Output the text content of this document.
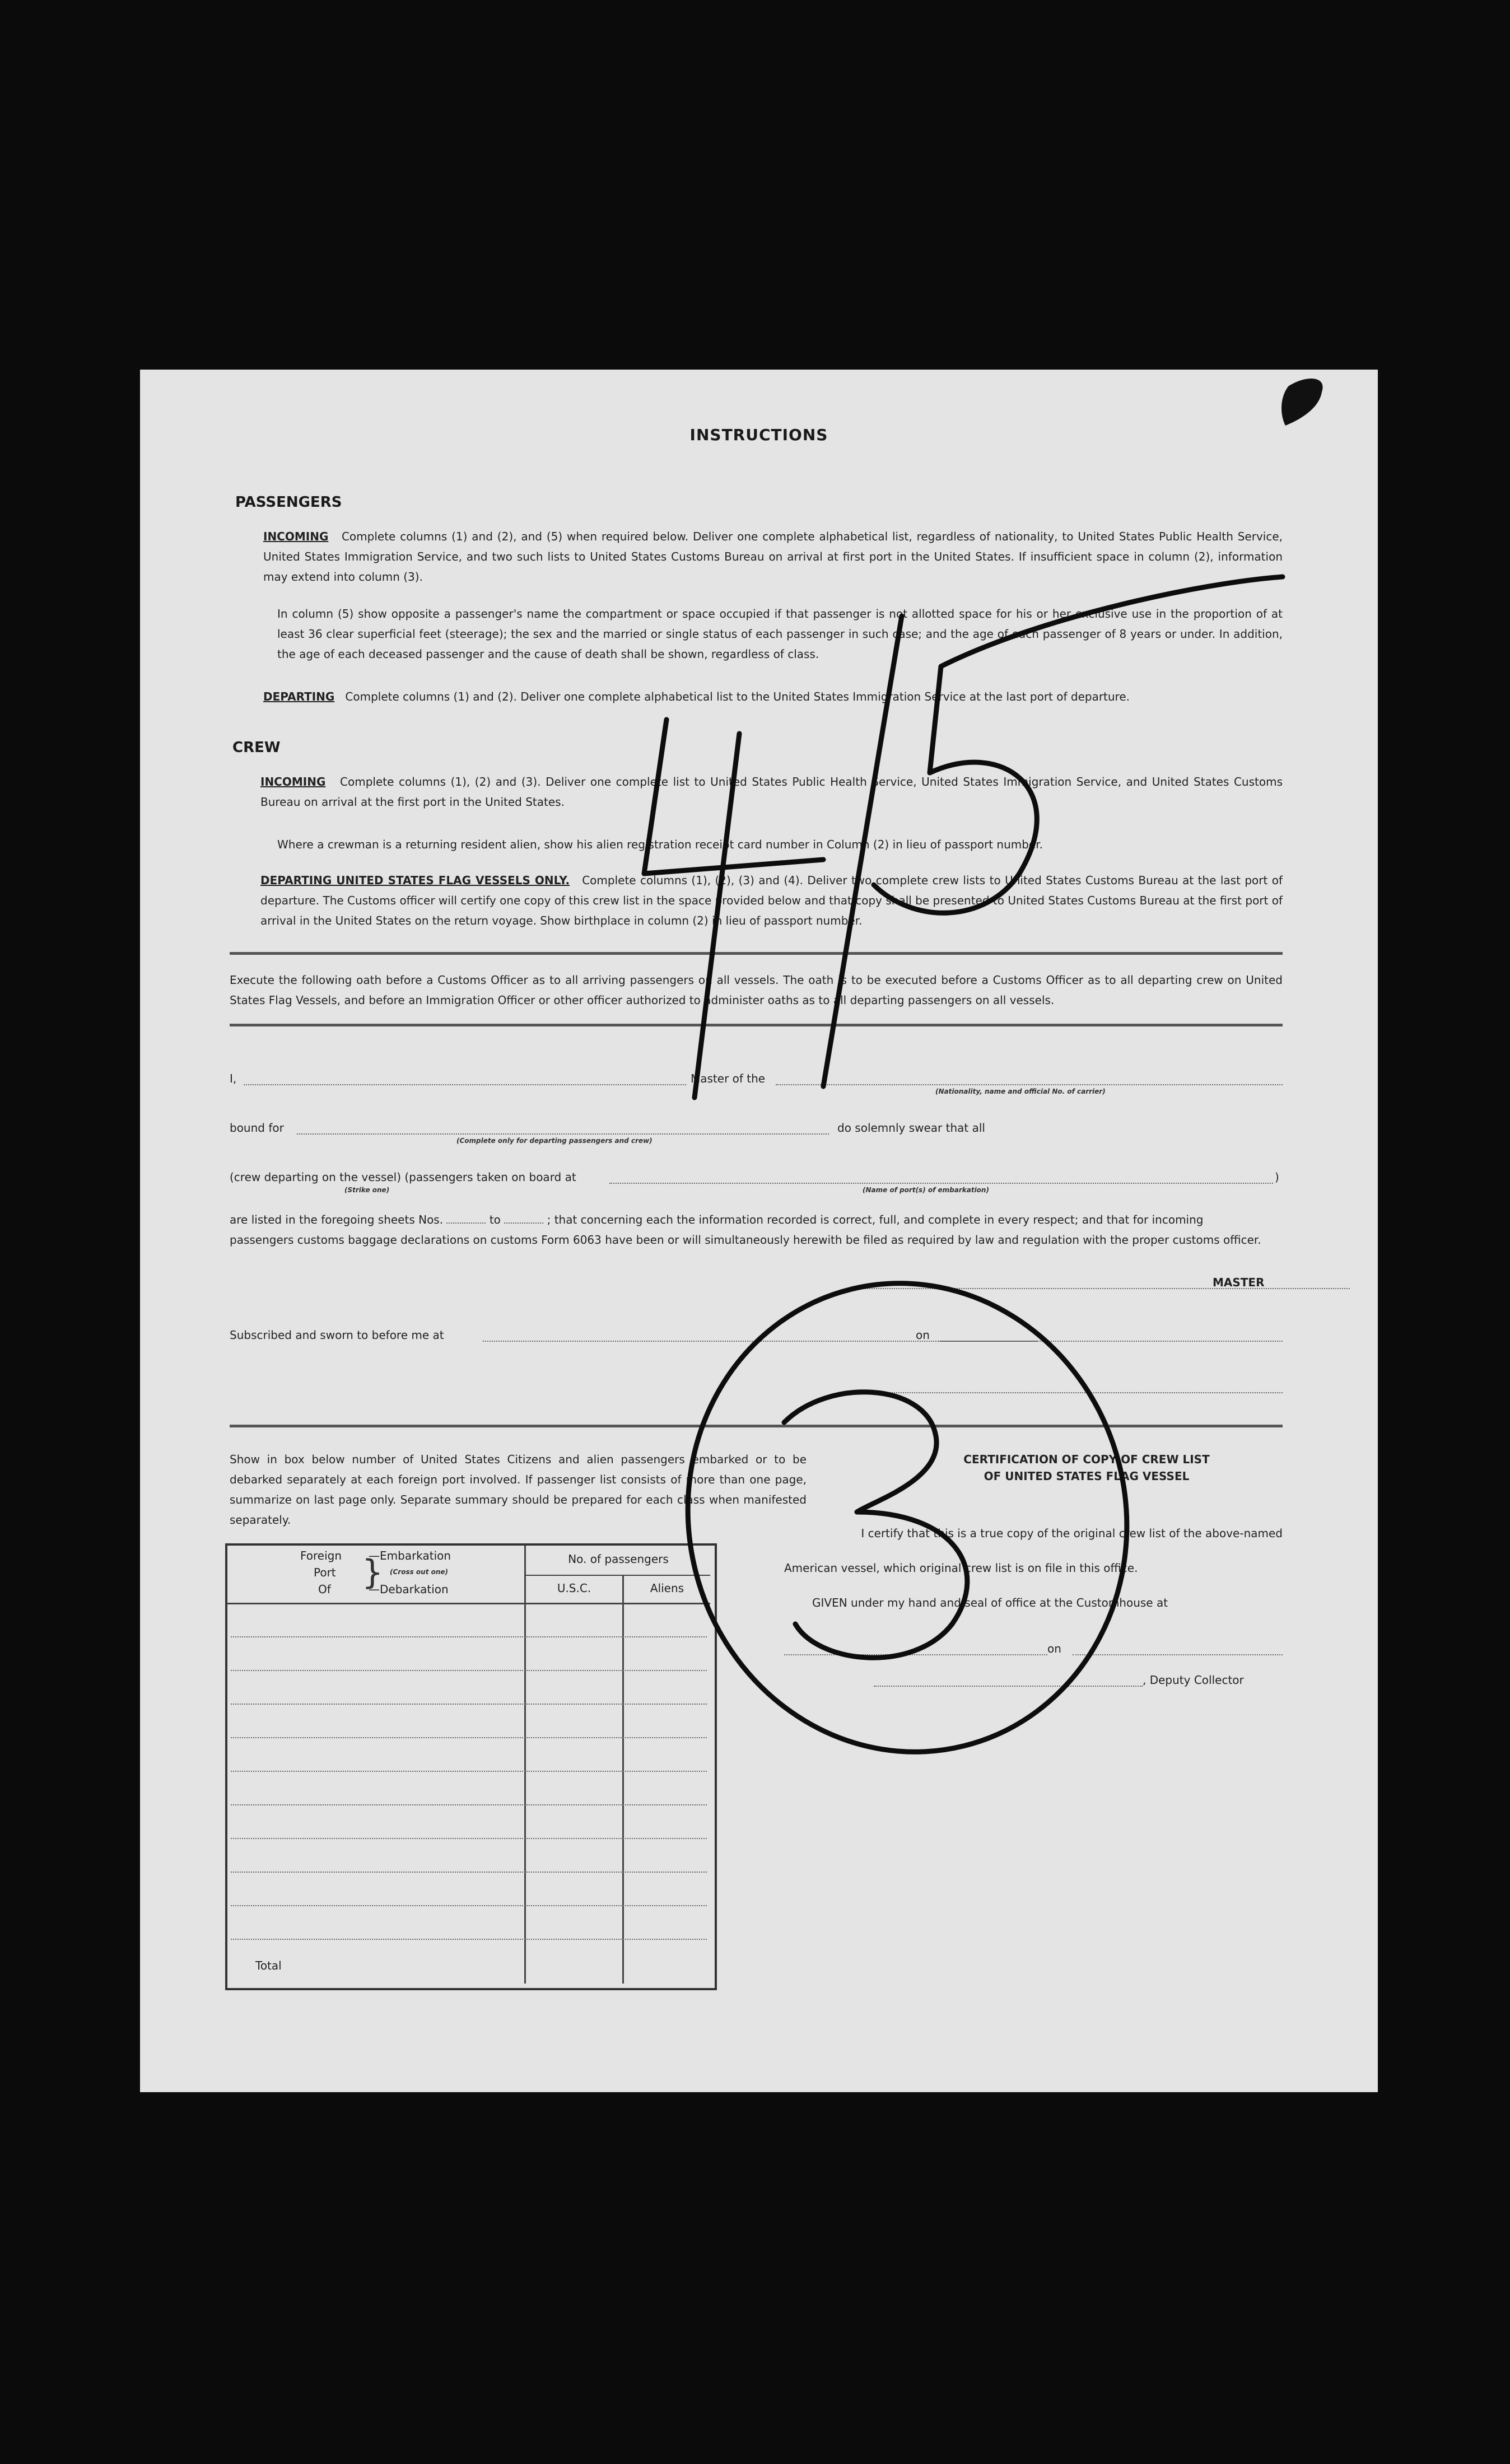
INSTRUCTIONS
PASSENGERS
INCOMING Complete columns (1) and (2), and (5) when required below. Deliver one complete alphabetical list, regardless of nationality, to United States Public Health Service, United States Immigration Service, and two such lists to United States Customs Bureau on arrival at first port in the United States. If insufficient space in column (2), information may extend into column (3).
In column (5) show opposite a passenger's name the compartment or space occupied if that passenger is not allotted space for his or her exclusive use in the proportion of at least 36 clear superficial feet (steerage); the sex and the married or single status of each passenger in such case; and the age of each passenger of 8 years or under. In addition, the age of each deceased passenger and the cause of death shall be shown, regardless of class.
DEPARTING Complete columns (1) and (2). Deliver one complete alphabetical list to the United States Immigration Service at the last port of departure.
CREW
INCOMING Complete columns (1), (2) and (3). Deliver one complete list to United States Public Health Service, United States Immigration Service, and United States Customs Bureau on arrival at the first port in the United States.
Where a crewman is a returning resident alien, show his alien registration receipt card number in Column (2) in lieu of passport number.
DEPARTING UNITED STATES FLAG VESSELS ONLY. Complete columns (1), (2), (3) and (4). Deliver two complete crew lists to United States Customs Bureau at the last port of departure. The Customs officer will certify one copy of this crew list in the space provided below and that copy shall be presented to United States Customs Bureau at the first port of arrival in the United States on the return voyage. Show birthplace in column (2) in lieu of passport number.
Execute the following oath before a Customs Officer as to all arriving passengers on all vessels. The oath is to be executed before a Customs Officer as to all departing crew on United States Flag Vessels, and before an Immigration Officer or other officer authorized to administer oaths as to all departing passengers on all vessels.
I,	Master of the
(Nationality, name and official No. of carrier)
bound for
(Complete only for departing passengers and crew)
do solemnly swear that all
(crew departing on the vessel) (passengers taken on board at	)
(Strike one)	(Name of port(s) of embarkation)
are listed in the foregoing sheets Nos.	to	; that concerning each the information recorded is correct, full, and complete in every respect; and that for incoming
passengers customs baggage declarations on customs Form 6063 have been or will simultaneously herewith be filed as required by law and regulation with the proper customs officer.
MASTER
Subscribed and sworn to before me at	on
Show in box below number of United States Citizens and alien passengers embarked or to be debarked separately at each foreign port involved. If passenger list consists of more than one page, summarize on last page only. Separate summary should be prepared for each class when manifested separately.
Foreign
Port
Of }
—Embarkation
(Cross out one)
—Debarkation
No. of passengers
U.S.C.	Aliens
Total
CERTIFICATION OF COPY OF CREW LIST
OF UNITED STATES FLAG VESSEL
I certify that this is a true copy of the original crew list of the above-named
American vessel, which original crew list is on file in this office.
GIVEN under my hand and seal of office at the Customhouse at
on
, Deputy Collector
